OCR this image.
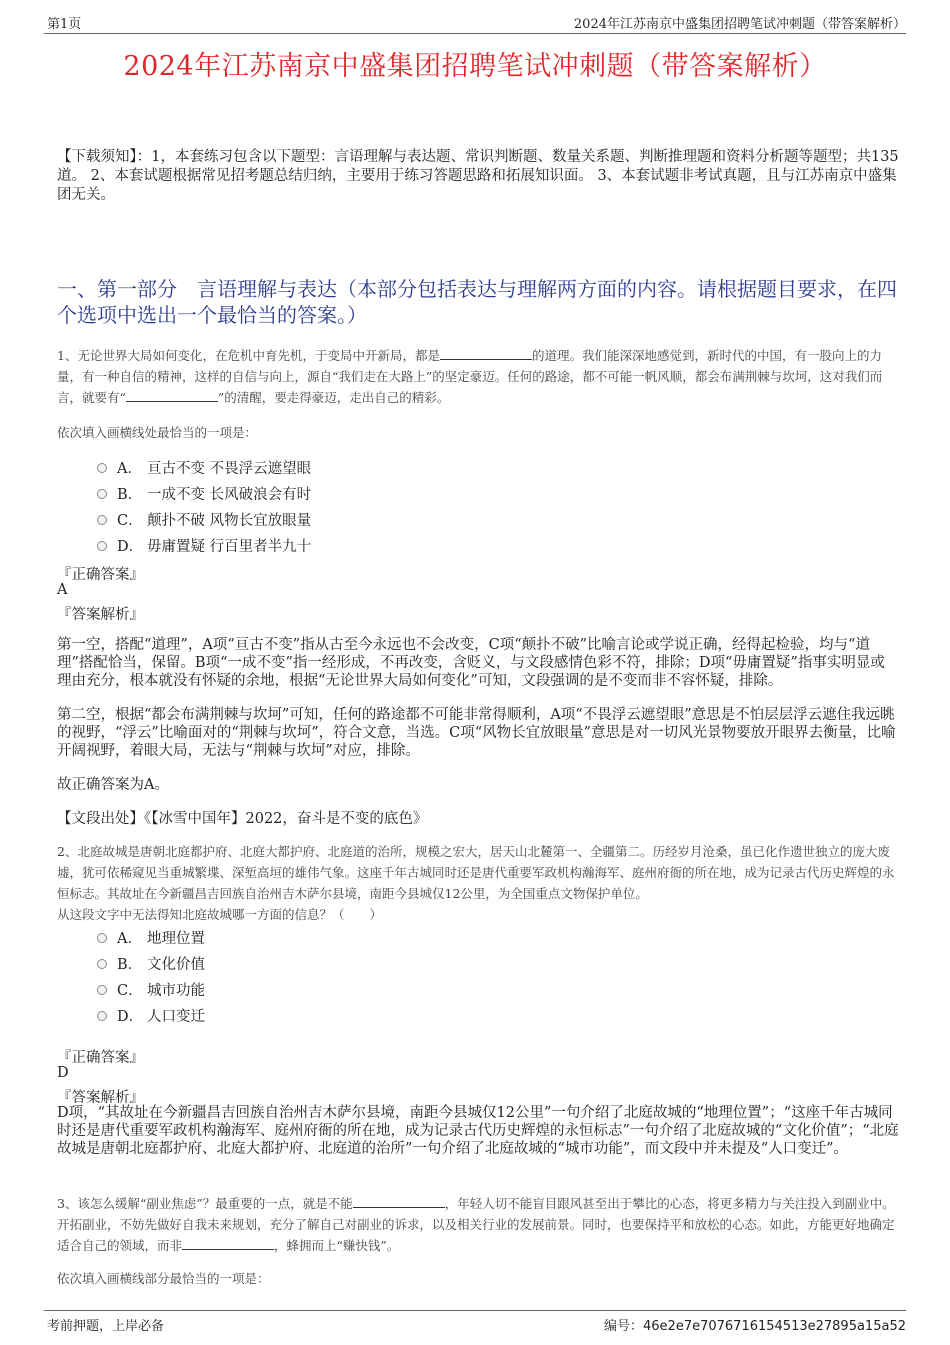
第1页	2024年江苏南京中盛集团招聘笔试冲刺题（带答案解析）
2024年江苏南京中盛集团招聘笔试冲刺题（带答案解析）
【下载须知】：1，本套练习包含以下题型：言语理解与表达题、常识判断题、数量关系题、判断推理题和资料分析题等题型；共135道。 2、本套试题根据常见招考题总结归纳，主要用于练习答题思路和拓展知识面。 3、本套试题非考试真题，且与江苏南京中盛集团无关。
一、第一部分　言语理解与表达（本部分包括表达与理解两方面的内容。请根据题目要求，在四个选项中选出一个最恰当的答案。）
1、无论世界大局如何变化，在危机中育先机，于变局中开新局，都是	的道理。我们能深深地感觉到，新时代的中国，有一股向上的力量，有一种自信的精神，这样的自信与向上，源自“我们走在大路上”的坚定豪迈。任何的路途，都不可能一帆风顺，都会布满荆棘与坎坷，这对我们而言，就要有“	”的清醒，要走得豪迈，走出自己的精彩。
依次填入画横线处最恰当的一项是：
A． 亘古不变 不畏浮云遮望眼
B． 一成不变 长风破浪会有时
C． 颠扑不破 风物长宜放眼量
D． 毋庸置疑 行百里者半九十
『正确答案』
A
『答案解析』
第一空，搭配“道理”，A项“亘古不变”指从古至今永远也不会改变，C项“颠扑不破”比喻言论或学说正确，经得起检验，均与“道理”搭配恰当，保留。B项“一成不变”指一经形成，不再改变，含贬义，与文段感情色彩不符，排除；D项“毋庸置疑”指事实明显或理由充分，根本就没有怀疑的余地，根据“无论世界大局如何变化”可知，文段强调的是不变而非不容怀疑，排除。
第二空，根据“都会布满荆棘与坎坷”可知，任何的路途都不可能非常得顺利，A项“不畏浮云遮望眼”意思是不怕层层浮云遮住我远眺的视野，“浮云”比喻面对的“荆棘与坎坷”，符合文意，当选。C项“风物长宜放眼量”意思是对一切风光景物要放开眼界去衡量，比喻开阔视野，着眼大局，无法与“荆棘与坎坷”对应，排除。
故正确答案为A。
【文段出处】《【冰雪中国年】2022，奋斗是不变的底色》
2、北庭故城是唐朝北庭都护府、北庭大都护府、北庭道的治所，规模之宏大，居天山北麓第一、全疆第二。历经岁月沧桑，虽已化作遗世独立的庞大废墟，犹可依稀窥见当重城繁堞、深堑高垣的雄伟气象。这座千年古城同时还是唐代重要军政机构瀚海军、庭州府衙的所在地，成为记录古代历史辉煌的永恒标志。其故址在今新疆昌吉回族自治州吉木萨尔县境，南距今县城仅12公里，为全国重点文物保护单位。
从这段文字中无法得知北庭故城哪一方面的信息？（　　）
A． 地理位置
B． 文化价值
C． 城市功能
D． 人口变迁
『正确答案』
D
『答案解析』
D项，“其故址在今新疆昌吉回族自治州吉木萨尔县境，南距今县城仅12公里”一句介绍了北庭故城的“地理位置”；“这座千年古城同时还是唐代重要军政机构瀚海军、庭州府衙的所在地，成为记录古代历史辉煌的永恒标志”一句介绍了北庭故城的“文化价值”；“北庭故城是唐朝北庭都护府、北庭大都护府、北庭道的治所”一句介绍了北庭故城的“城市功能”，而文段中并未提及“人口变迁”。
3、该怎么缓解“副业焦虑”？最重要的一点，就是不能	，年轻人切不能盲目跟风甚至出于攀比的心态，将更多精力与关注投入到副业中。开拓副业，不妨先做好自我未来规划，充分了解自己对副业的诉求，以及相关行业的发展前景。同时，也要保持平和放松的心态。如此，方能更好地确定适合自己的领域，而非	，蜂拥而上“赚快钱”。
依次填入画横线部分最恰当的一项是：
考前押题，上岸必备	编号：46e2e7e7076716154513e27895a15a52
